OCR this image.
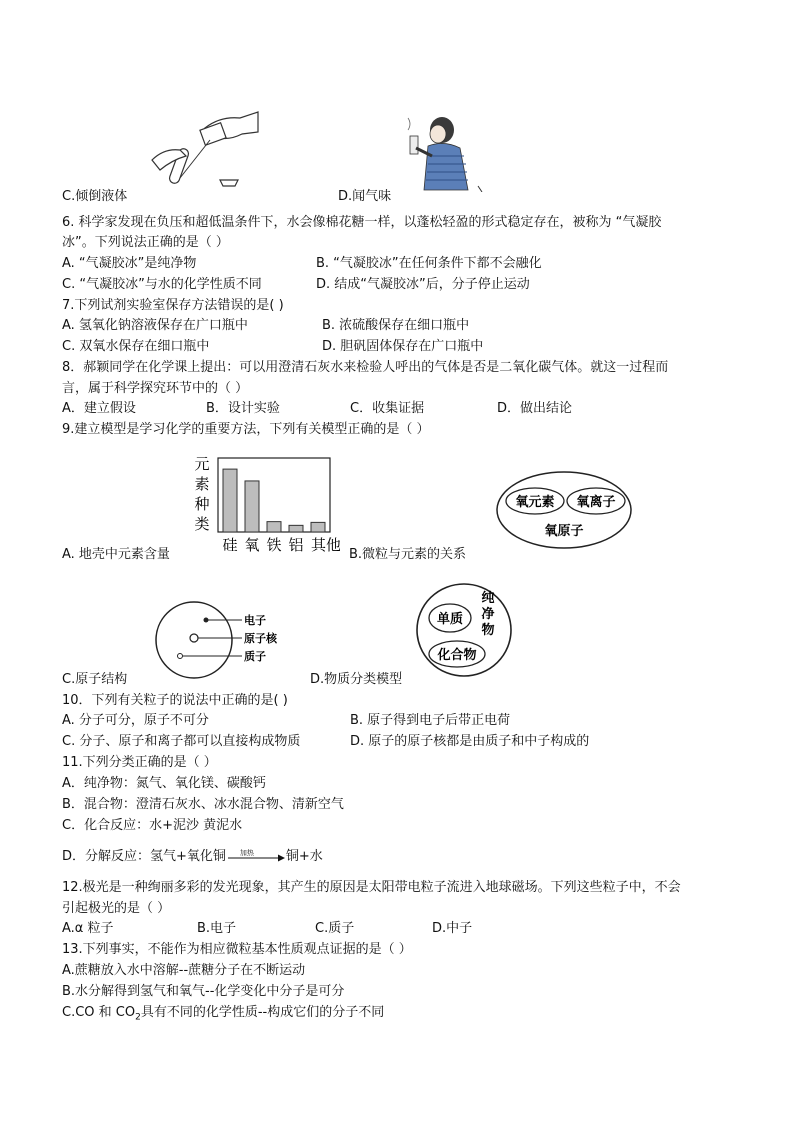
C.倾倒液体	D.闻气味
6. 科学家发现在负压和超低温条件下，水会像棉花糖一样，以蓬松轻盈的形式稳定存在，被称为 “气凝胶
冰”。下列说法正确的是（ ）
A. “气凝胶冰”是纯净物	B. “气凝胶冰”在任何条件下都不会融化
C. “气凝胶冰”与水的化学性质不同	D. 结成“气凝胶冰”后，分子停止运动
7.下列试剂实验室保存方法错误的是( )
A. 氢氧化钠溶液保存在广口瓶中	B. 浓硫酸保存在细口瓶中
C. 双氧水保存在细口瓶中	D. 胆矾固体保存在广口瓶中
8．郝颖同学在化学课上提出：可以用澄清石灰水来检验人呼出的气体是否是二氧化碳气体。就这一过程而
言，属于科学探究环节中的（ ）
A．建立假设	B．设计实验	C．收集证据	D．做出结论
9.建立模型是学习化学的重要方法，下列有关模型正确的是（ ）
元
素
种
类
硅 氧 铁 铝 其他
A. 地壳中元素含量
氧元素 氧离子
氧原子
B.微粒与元素的关系
电子
原子核
质子
C.原子结构
单质
化合物
纯
净
物
D.物质分类模型
10．下列有关粒子的说法中正确的是( )
A. 分子可分，原子不可分	B. 原子得到电子后带正电荷
C. 分子、原子和离子都可以直接构成物质	D. 原子的原子核都是由质子和中子构成的
11.下列分类正确的是（ ）
A．纯净物：氮气、氧化镁、碳酸钙
B．混合物：澄清石灰水、冰水混合物、清新空气
C．化合反应：水+泥沙 黄泥水
D．分解反应：氢气+氧化铜 加热 铜+水
12.极光是一种绚丽多彩的发光现象，其产生的原因是太阳带电粒子流进入地球磁场。下列这些粒子中，不会
引起极光的是（ ）
A.α 粒子	B.电子	C.质子	D.中子
13.下列事实，不能作为相应微粒基本性质观点证据的是（ ）
A.蔗糖放入水中溶解--蔗糖分子在不断运动
B.水分解得到氢气和氧气--化学变化中分子是可分
C.CO 和 $CO_2$具有不同的化学性质--构成它们的分子不同
